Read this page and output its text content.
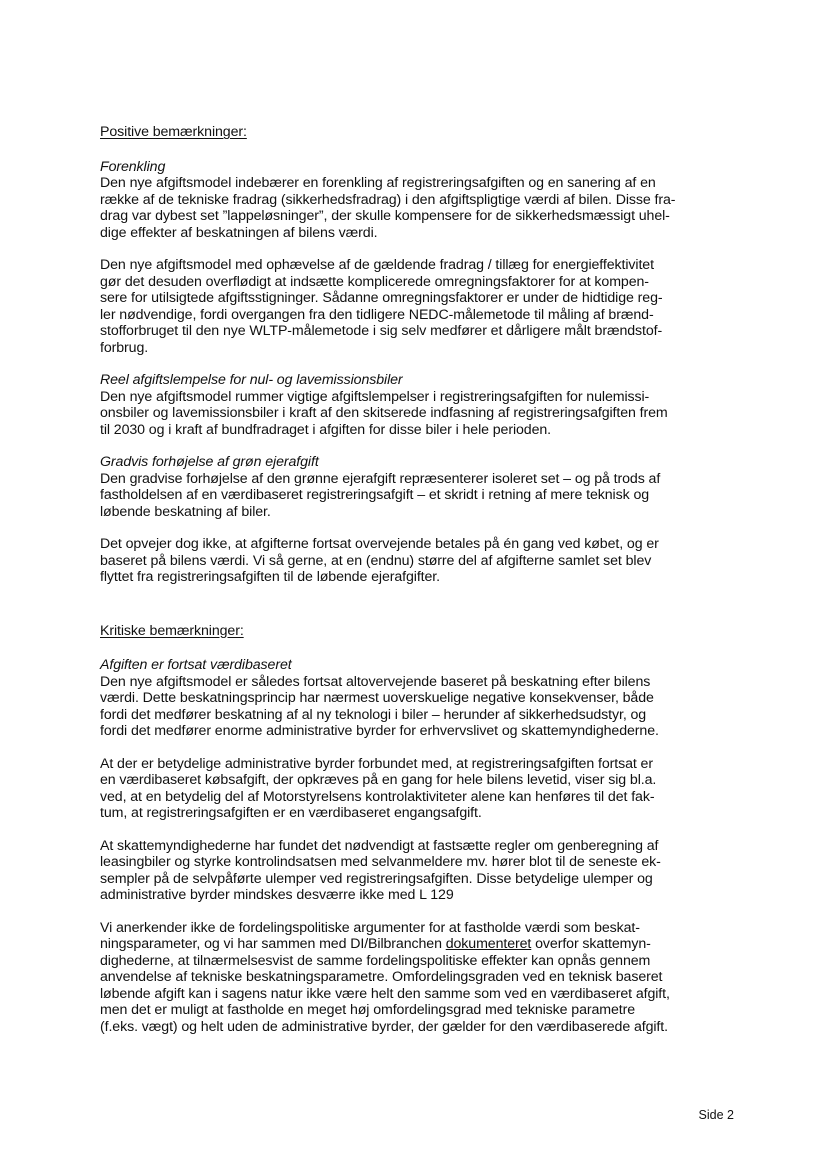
Positive bemærkninger:

Forenkling

Den nye afgiftsmodel indebærer en forenkling af registreringsafgiften og en sanering af en
række af de tekniske fradrag (sikkerhedsfradrag) i den afgiftspligtige værdi af bilen. Disse fra-
drag var dybest set ”lappeløsninger”, der skulle kompensere for de sikkerhedsmæssigt uhel-
dige effekter af beskatningen af bilens værdi.

Den nye afgiftsmodel med ophævelse af de gældende fradrag / tillæg for energieffektivitet
gør det desuden overflødigt at indsætte komplicerede omregningsfaktorer for at kompen-
sere for utilsigtede afgiftsstigninger. Sådanne omregningsfaktorer er under de hidtidige reg-
ler nødvendige, fordi overgangen fra den tidligere NEDC-målemetode til måling af brænd-
stofforbruget til den nye WLTP-målemetode i sig selv medfører et dårligere målt brændstof-
forbrug.

Reel afgiftslempelse for nul- og lavemissionsbiler

Den nye afgiftsmodel rummer vigtige afgiftslempelser i registreringsafgiften for nulemissi-
onsbiler og lavemissionsbiler i kraft af den skitserede indfasning af registreringsafgiften frem
til 2030 og i kraft af bundfradraget i afgiften for disse biler i hele perioden.

Gradvis forhøjelse af grøn ejerafgift

Den gradvise forhøjelse af den grønne ejerafgift repræsenterer isoleret set – og på trods af
fastholdelsen af en værdibaseret registreringsafgift – et skridt i retning af mere teknisk og
løbende beskatning af biler.

Det opvejer dog ikke, at afgifterne fortsat overvejende betales på én gang ved købet, og er
baseret på bilens værdi. Vi så gerne, at en (endnu) større del af afgifterne samlet set blev
flyttet fra registreringsafgiften til de løbende ejerafgifter.

Kritiske bemærkninger:

Afgiften er fortsat værdibaseret

Den nye afgiftsmodel er således fortsat altovervejende baseret på beskatning efter bilens
værdi. Dette beskatningsprincip har nærmest uoverskuelige negative konsekvenser, både
fordi det medfører beskatning af al ny teknologi i biler – herunder af sikkerhedsudstyr, og
fordi det medfører enorme administrative byrder for erhvervslivet og skattemyndighederne.

At der er betydelige administrative byrder forbundet med, at registreringsafgiften fortsat er
en værdibaseret købsafgift, der opkræves på en gang for hele bilens levetid, viser sig bl.a.
ved, at en betydelig del af Motorstyrelsens kontrolaktiviteter alene kan henføres til det fak-
tum, at registreringsafgiften er en værdibaseret engangsafgift.

At skattemyndighederne har fundet det nødvendigt at fastsætte regler om genberegning af
leasingbiler og styrke kontrolindsatsen med selvanmeldere mv. hører blot til de seneste ek-
sempler på de selvpåførte ulemper ved registreringsafgiften. Disse betydelige ulemper og
administrative byrder mindskes desværre ikke med L 129

Vi anerkender ikke de fordelingspolitiske argumenter for at fastholde værdi som beskat-
ningsparameter, og vi har sammen med DI/Bilbranchen dokumenteret overfor skattemyn-
dighederne, at tilnærmelsesvist de samme fordelingspolitiske effekter kan opnås gennem
anvendelse af tekniske beskatningsparametre. Omfordelingsgraden ved en teknisk baseret
løbende afgift kan i sagens natur ikke være helt den samme som ved en værdibaseret afgift,
men det er muligt at fastholde en meget høj omfordelingsgrad med tekniske parametre
(f.eks. vægt) og helt uden de administrative byrder, der gælder for den værdibaserede afgift.

Side 2
